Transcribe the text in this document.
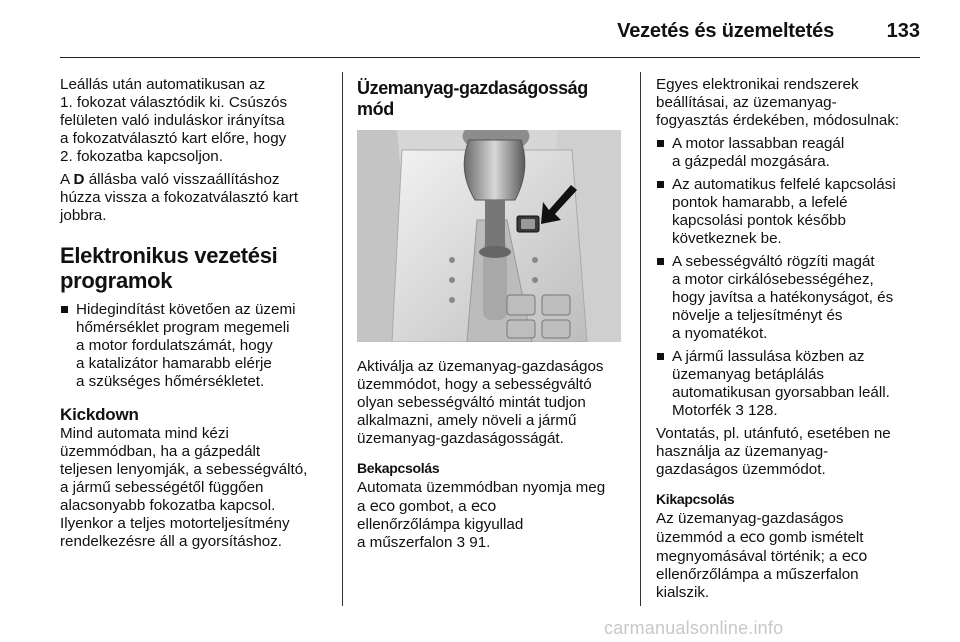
Vezetés és üzemeltetés	133

Leállás után automatikusan az
1. fokozat választódik ki. Csúszós
felületen való induláskor irányítsa
a fokozatválasztó kart előre, hogy
2. fokozatba kapcsoljon.

A D állásba való visszaállításhoz
húzza vissza a fokozatválasztó kart
jobbra.

Elektronikus vezetési
programok
Hidegindítást követően az üzemi
hőmérséklet program megemeli
a motor fordulatszámát, hogy
a katalizátor hamarabb elérje
a szükséges hőmérsékletet.
Kickdown

Mind automata mind kézi
üzemmódban, ha a gázpedált
teljesen lenyomják, a sebességváltó,
a jármű sebességétől függően
alacsonyabb fokozatba kapcsol.
Ilyenkor a teljes motorteljesítmény
rendelkezésre áll a gyorsításhoz.

Üzemanyag-gazdaságosság
mód

Aktiválja az üzemanyag-gazdaságos
üzemmódot, hogy a sebességváltó
olyan sebességváltó mintát tudjon
alkalmazni, amely növeli a jármű
üzemanyag-gazdaságosságát.

Bekapcsolás

Automata üzemmódban nyomja meg
a eco gombot, a eco
ellenőrzőlámpa kigyullad
a műszerfalon 3 91.

Egyes elektronikai rendszerek
beállításai, az üzemanyag-
fogyasztás érdekében, módosulnak:

A motor lassabban reagál
a gázpedál mozgására.
Az automatikus felfelé kapcsolási
pontok hamarabb, a lefelé
kapcsolási pontok később
következnek be.
A sebességváltó rögzíti magát
a motor cirkálósebességéhez,
hogy javítsa a hatékonyságot, és
növelje a teljesítményt és
a nyomatékot.
A jármű lassulása közben az
üzemanyag betáplálás
automatikusan gyorsabban leáll.
Motorfék 3 128.

Vontatás, pl. utánfutó, esetében ne
használja az üzemanyag-
gazdaságos üzemmódot.

Kikapcsolás

Az üzemanyag-gazdaságos
üzemmód a eco gomb ismételt
megnyomásával történik; a eco
ellenőrzőlámpa a műszerfalon
kialszik.

carmanualsonline.info
